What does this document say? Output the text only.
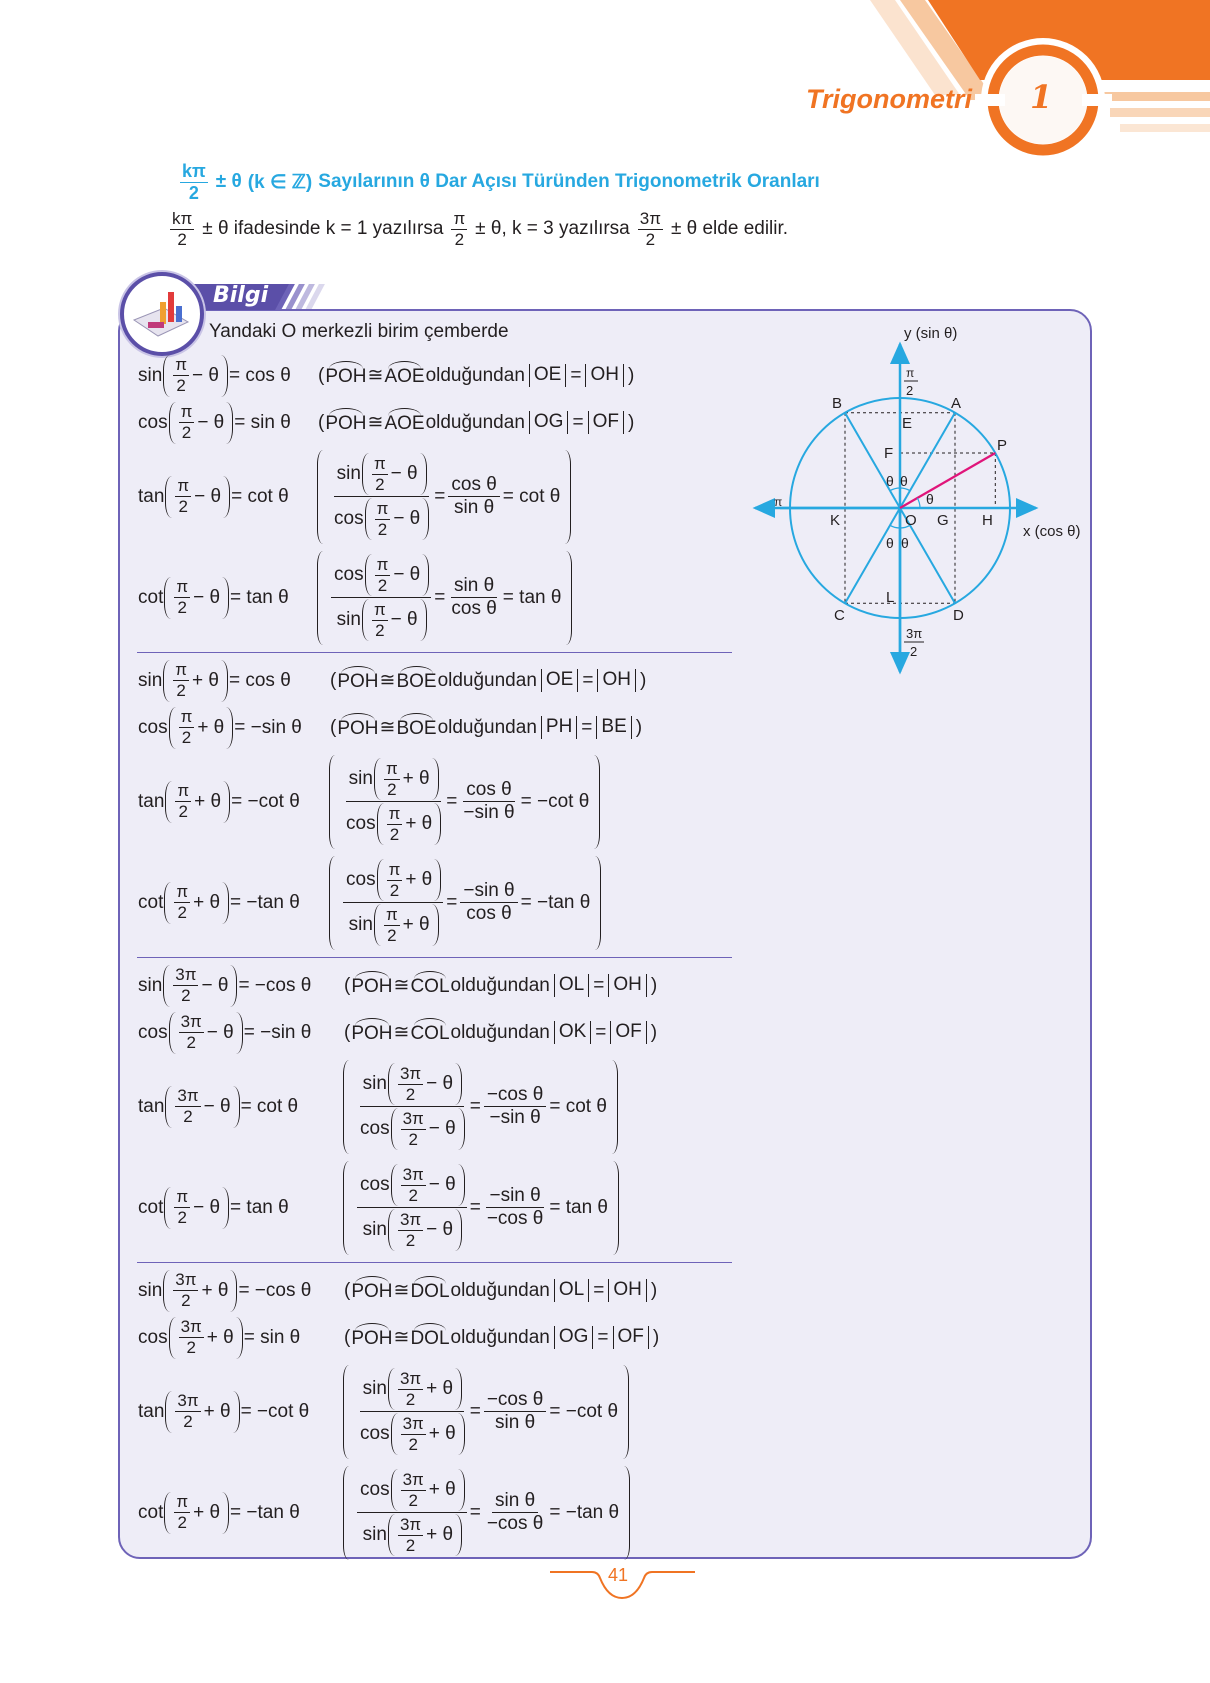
Trigonometri 1
$\frac{k\pi}{2} \pm \theta$ (k ∈ ℤ) Sayılarının θ Dar Açısı Türünden Trigonometrik Oranları
$\frac{k\pi}{2} \pm \theta$ ifadesinde k = 1 yazılırsa $\frac{\pi}{2} \pm \theta$, k = 3 yazılırsa $\frac{3\pi}{2} \pm \theta$ elde edilir.
Bilgi
Yandaki O merkezli birim çemberde
$\sin \frac{\pi}{2} - \theta = \cos \theta$ ( POH ≅ AOE olduğundan OE = OH )
$\cos \frac{\pi}{2} - \theta = \sin \theta$ ( POH ≅ AOE olduğundan OG = OF )
$\tan \frac{\pi}{2} - \theta = \cot \theta \frac{\sin \frac{\pi}{2} - \theta}{\cos \frac{\pi}{2} - \theta} = \frac{\text{cos θ}}{\text{sin θ}} = \cot \theta$
$\cot \frac{\pi}{2} - \theta = \tan \theta \frac{\cos \frac{\pi}{2} - \theta}{\sin \frac{\pi}{2} - \theta} = \frac{\text{sin θ}}{\text{cos θ}} = \tan \theta$
$\sin \frac{\pi}{2} + \theta = \cos \theta$ ( POH ≅ BOE olduğundan OE = OH )
$\cos \frac{\pi}{2} + \theta = -\sin$ θ ( POH ≅ BOE olduğundan PH = BE )
$\tan \frac{\pi}{2} + \theta = -\cot$ θ $\frac{\sin \frac{\pi}{2} + \theta}{\cos \frac{\pi}{2} + \theta} = \frac{\text{cos θ}}{\text{−sin θ}} = -\cot$ θ
$\cot \frac{\pi}{2} + \theta = -\tan$ θ $\frac{\cos \frac{\pi}{2} + \theta}{\sin \frac{\pi}{2} + \theta} = \frac{\text{−sin θ}}{\text{cos θ}} = -\tan$ θ
$\sin \frac{3\pi}{2} - \theta = -\cos$ θ ( POH ≅ COL olduğundan OL = OH )
$\cos \frac{3\pi}{2} - \theta = -\sin$ θ ( POH ≅ COL olduğundan OK = OF )
$\tan \frac{3\pi}{2} - \theta = \cot \theta$	$\frac{\sin \frac{3\pi}{2} - \theta}{\cos \frac{3\pi}{2} - \theta} = \frac{\text{−cos θ}}{\text{−sin θ}} = \cot \theta$
$\cot \frac{\pi}{2} - \theta = \tan \theta$	$\frac{\cos \frac{3\pi}{2} - \theta}{\sin \frac{3\pi}{2} - \theta} = \frac{\text{−sin θ}}{\text{−cos θ}} = \tan \theta$
$\sin \frac{3\pi}{2} + \theta = -\cos$ θ ( POH ≅ DOL olduğundan OL = OH )
$\cos \frac{3\pi}{2} + \theta = \sin \theta$ ( POH ≅ DOL olduğundan OG = OF )
$\tan \frac{3\pi}{2} + \theta = -\cot$ θ	$\frac{\sin \frac{3\pi}{2} + \theta}{\cos \frac{3\pi}{2} + \theta} = \frac{\text{−cos θ}}{\text{sin θ}} = -\cot$ θ
$\cot \frac{\pi}{2} + \theta = -\tan$ θ	$\frac{\cos \frac{3\pi}{2} + \theta}{\sin \frac{3\pi}{2} + \theta} = \frac{\text{sin θ}}{\text{−cos θ}} = -\tan$ θ
y (sin θ)
x (cos θ)
π
π
2
3π
2
B	A
E
F	P
K	O G H
L
C	D
θ θ
θ
θ θ
41
